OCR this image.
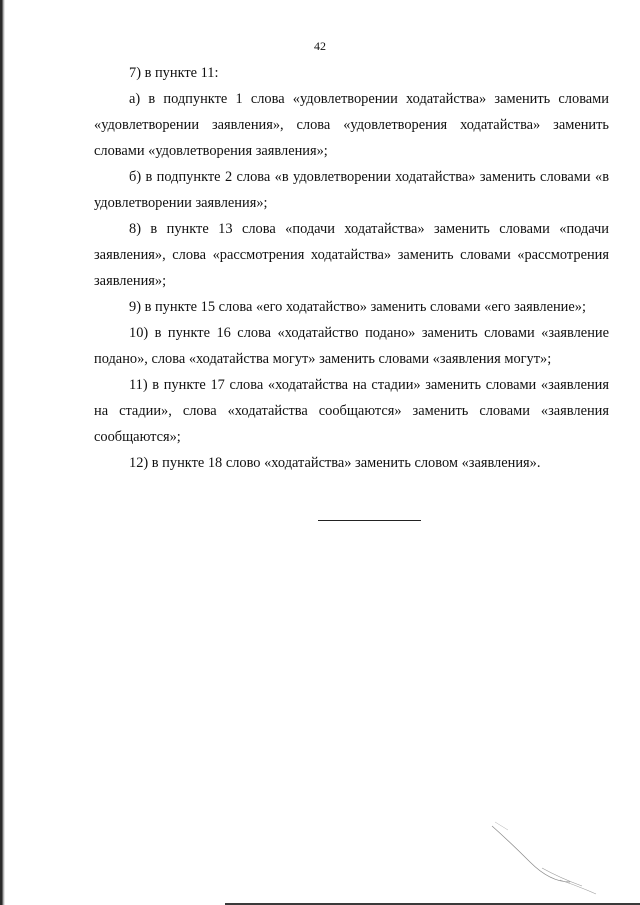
42

7) в пункте 11:

а) в подпункте 1 слова «удовлетворении ходатайства» заменить словами «удовлетворении заявления», слова «удовлетворения ходатайства» заменить словами «удовлетворения заявления»;

б) в подпункте 2 слова «в удовлетворении ходатайства» заменить словами «в удовлетворении заявления»;

8) в пункте 13 слова «подачи ходатайства» заменить словами «подачи заявления», слова «рассмотрения ходатайства» заменить словами «рассмотрения заявления»;

9) в пункте 15 слова «его ходатайство» заменить словами «его заявление»;

10) в пункте 16 слова «ходатайство подано» заменить словами «заявление подано», слова «ходатайства могут» заменить словами «заявления могут»;

11) в пункте 17 слова «ходатайства на стадии» заменить словами «заявления на стадии», слова «ходатайства сообщаются» заменить словами «заявления сообщаются»;

12) в пункте 18 слово «ходатайства» заменить словом «заявления».
